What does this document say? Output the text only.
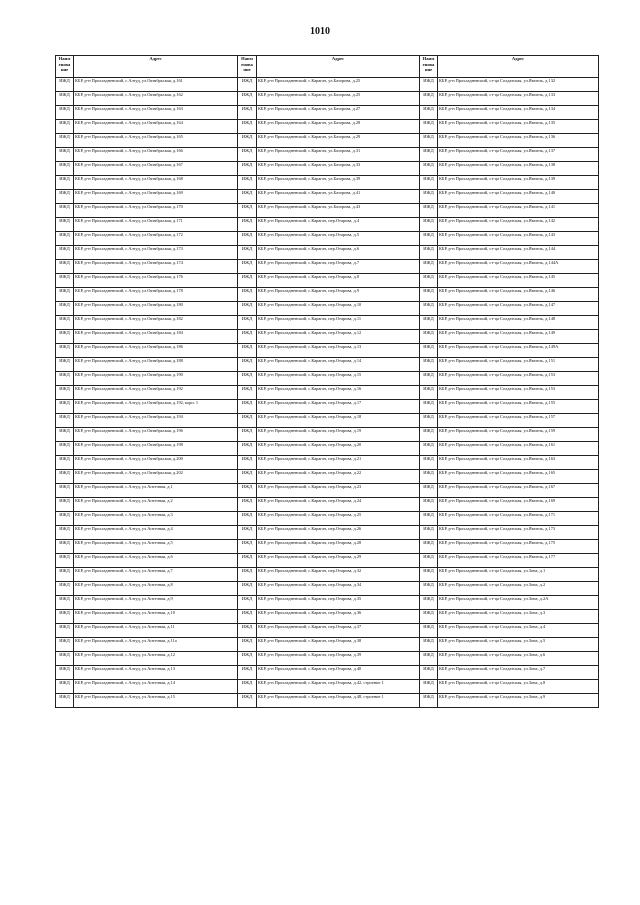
1010
Наим енова ние	Адрес	Наим енова ние	Адрес	Наим енова ние	Адрес
ИЖД	КБР, р-н Прохладненский, с.Алтуд, ул.Октябрьская, д.161	ИЖД	КБР, р-н Прохладненский, с.Карагач, ул.Базорова, д.25	ИЖД	КБР, р-н Прохладненский, ст-ца Солдатская, ул.Ямпель, д.132
ИЖД	КБР, р-н Прохладненский, с.Алтуд, ул.Октябрьская, д.162	ИЖД	КБР, р-н Прохладненский, с.Карагач, ул.Базорова, д.25	ИЖД	КБР, р-н Прохладненский, ст-ца Солдатская, ул.Ямпель, д.133
ИЖД	КБР, р-н Прохладненский, с.Алтуд, ул.Октябрьская, д.163	ИЖД	КБР, р-н Прохладненский, с.Карагач, ул.Базорова, д.27	ИЖД	КБР, р-н Прохладненский, ст-ца Солдатская, ул.Ямпель, д.134
ИЖД	КБР, р-н Прохладненский, с.Алтуд, ул.Октябрьская, д.164	ИЖД	КБР, р-н Прохладненский, с.Карагач, ул.Базорова, д.28	ИЖД	КБР, р-н Прохладненский, ст-ца Солдатская, ул.Ямпель, д.135
ИЖД	КБР, р-н Прохладненский, с.Алтуд, ул.Октябрьская, д.165	ИЖД	КБР, р-н Прохладненский, с.Карагач, ул.Базорова, д.29	ИЖД	КБР, р-н Прохладненский, ст-ца Солдатская, ул.Ямпель, д.136
ИЖД	КБР, р-н Прохладненский, с.Алтуд, ул.Октябрьская, д.166	ИЖД	КБР, р-н Прохладненский, с.Карагач, ул.Базорова, д.31	ИЖД	КБР, р-н Прохладненский, ст-ца Солдатская, ул.Ямпель, д.137
ИЖД	КБР, р-н Прохладненский, с.Алтуд, ул.Октябрьская, д.167	ИЖД	КБР, р-н Прохладненский, с.Карагач, ул.Базорова, д.33	ИЖД	КБР, р-н Прохладненский, ст-ца Солдатская, ул.Ямпель, д.138
ИЖД	КБР, р-н Прохладненский, с.Алтуд, ул.Октябрьская, д.168	ИЖД	КБР, р-н Прохладненский, с.Карагач, ул.Базорова, д.39	ИЖД	КБР, р-н Прохладненский, ст-ца Солдатская, ул.Ямпель, д.139
ИЖД	КБР, р-н Прохладненский, с.Алтуд, ул.Октябрьская, д.169	ИЖД	КБР, р-н Прохладненский, с.Карагач, ул.Базорова, д.41	ИЖД	КБР, р-н Прохладненский, ст-ца Солдатская, ул.Ямпель, д.140
ИЖД	КБР, р-н Прохладненский, с.Алтуд, ул.Октябрьская, д.170	ИЖД	КБР, р-н Прохладненский, с.Карагач, ул.Базорова, д.43	ИЖД	КБР, р-н Прохладненский, ст-ца Солдатская, ул.Ямпель, д.141
ИЖД	КБР, р-н Прохладненский, с.Алтуд, ул.Октябрьская, д.171	ИЖД	КБР, р-н Прохладненский, с.Карагач, пер.Отарова, д.4	ИЖД	КБР, р-н Прохладненский, ст-ца Солдатская, ул.Ямпель, д.142
ИЖД	КБР, р-н Прохладненский, с.Алтуд, ул.Октябрьская, д.172	ИЖД	КБР, р-н Прохладненский, с.Карагач, пер.Отарова, д.5	ИЖД	КБР, р-н Прохладненский, ст-ца Солдатская, ул.Ямпель, д.143
ИЖД	КБР, р-н Прохладненский, с.Алтуд, ул.Октябрьская, д.173	ИЖД	КБР, р-н Прохладненский, с.Карагач, пер.Отарова, д.6	ИЖД	КБР, р-н Прохладненский, ст-ца Солдатская, ул.Ямпель, д.144
ИЖД	КБР, р-н Прохладненский, с.Алтуд, ул.Октябрьская, д.174	ИЖД	КБР, р-н Прохладненский, с.Карагач, пер.Отарова, д.7	ИЖД	КБР, р-н Прохладненский, ст-ца Солдатская, ул.Ямпель, д.144А
ИЖД	КБР, р-н Прохладненский, с.Алтуд, ул.Октябрьская, д.176	ИЖД	КБР, р-н Прохладненский, с.Карагач, пер.Отарова, д.8	ИЖД	КБР, р-н Прохладненский, ст-ца Солдатская, ул.Ямпель, д.145
ИЖД	КБР, р-н Прохладненский, с.Алтуд, ул.Октябрьская, д.178	ИЖД	КБР, р-н Прохладненский, с.Карагач, пер.Отарова, д.9	ИЖД	КБР, р-н Прохладненский, ст-ца Солдатская, ул.Ямпель, д.146
ИЖД	КБР, р-н Прохладненский, с.Алтуд, ул.Октябрьская, д.180	ИЖД	КБР, р-н Прохладненский, с.Карагач, пер.Отарова, д.10	ИЖД	КБР, р-н Прохладненский, ст-ца Солдатская, ул.Ямпель, д.147
ИЖД	КБР, р-н Прохладненский, с.Алтуд, ул.Октябрьская, д.182	ИЖД	КБР, р-н Прохладненский, с.Карагач, пер.Отарова, д.11	ИЖД	КБР, р-н Прохладненский, ст-ца Солдатская, ул.Ямпель, д.148
ИЖД	КБР, р-н Прохладненский, с.Алтуд, ул.Октябрьская, д.184	ИЖД	КБР, р-н Прохладненский, с.Карагач, пер.Отарова, д.12	ИЖД	КБР, р-н Прохладненский, ст-ца Солдатская, ул.Ямпель, д.149
ИЖД	КБР, р-н Прохладненский, с.Алтуд, ул.Октябрьская, д.186	ИЖД	КБР, р-н Прохладненский, с.Карагач, пер.Отарова, д.13	ИЖД	КБР, р-н Прохладненский, ст-ца Солдатская, ул.Ямпель, д.149А
ИЖД	КБР, р-н Прохладненский, с.Алтуд, ул.Октябрьская, д.188	ИЖД	КБР, р-н Прохладненский, с.Карагач, пер.Отарова, д.14	ИЖД	КБР, р-н Прохладненский, ст-ца Солдатская, ул.Ямпель, д.151
ИЖД	КБР, р-н Прохладненский, с.Алтуд, ул.Октябрьская, д.190	ИЖД	КБР, р-н Прохладненский, с.Карагач, пер.Отарова, д.15	ИЖД	КБР, р-н Прохладненский, ст-ца Солдатская, ул.Ямпель, д.153
ИЖД	КБР, р-н Прохладненский, с.Алтуд, ул.Октябрьская, д.192	ИЖД	КБР, р-н Прохладненский, с.Карагач, пер.Отарова, д.16	ИЖД	КБР, р-н Прохладненский, ст-ца Солдатская, ул.Ямпель, д.153
ИЖД	КБР, р-н Прохладненский, с.Алтуд, ул.Октябрьская, д.192, корп. 1	ИЖД	КБР, р-н Прохладненский, с.Карагач, пер.Отарова, д.17	ИЖД	КБР, р-н Прохладненский, ст-ца Солдатская, ул.Ямпель, д.155
ИЖД	КБР, р-н Прохладненский, с.Алтуд, ул.Октябрьская, д.194	ИЖД	КБР, р-н Прохладненский, с.Карагач, пер.Отарова, д.18	ИЖД	КБР, р-н Прохладненский, ст-ца Солдатская, ул.Ямпель, д.157
ИЖД	КБР, р-н Прохладненский, с.Алтуд, ул.Октябрьская, д.196	ИЖД	КБР, р-н Прохладненский, с.Карагач, пер.Отарова, д.19	ИЖД	КБР, р-н Прохладненский, ст-ца Солдатская, ул.Ямпель, д.159
ИЖД	КБР, р-н Прохладненский, с.Алтуд, ул.Октябрьская, д.198	ИЖД	КБР, р-н Прохладненский, с.Карагач, пер.Отарова, д.20	ИЖД	КБР, р-н Прохладненский, ст-ца Солдатская, ул.Ямпель, д.161
ИЖД	КБР, р-н Прохладненский, с.Алтуд, ул.Октябрьская, д.200	ИЖД	КБР, р-н Прохладненский, с.Карагач, пер.Отарова, д.21	ИЖД	КБР, р-н Прохладненский, ст-ца Солдатская, ул.Ямпель, д.163
ИЖД	КБР, р-н Прохладненский, с.Алтуд, ул.Октябрьская, д.202	ИЖД	КБР, р-н Прохладненский, с.Карагач, пер.Отарова, д.22	ИЖД	КБР, р-н Прохладненский, ст-ца Солдатская, ул.Ямпель, д.165
ИЖД	КБР, р-н Прохладненский, с.Алтуд, ул.Аптечная, д.1	ИЖД	КБР, р-н Прохладненский, с.Карагач, пер.Отарова, д.23	ИЖД	КБР, р-н Прохладненский, ст-ца Солдатская, ул.Ямпель, д.167
ИЖД	КБР, р-н Прохладненский, с.Алтуд, ул.Аптечная, д.2	ИЖД	КБР, р-н Прохладненский, с.Карагач, пер.Отарова, д.24	ИЖД	КБР, р-н Прохладненский, ст-ца Солдатская, ул.Ямпель, д.169
ИЖД	КБР, р-н Прохладненский, с.Алтуд, ул.Аптечная, д.3	ИЖД	КБР, р-н Прохладненский, с.Карагач, пер.Отарова, д.25	ИЖД	КБР, р-н Прохладненский, ст-ца Солдатская, ул.Ямпель, д.171
ИЖД	КБР, р-н Прохладненский, с.Алтуд, ул.Аптечная, д.4	ИЖД	КБР, р-н Прохладненский, с.Карагач, пер.Отарова, д.26	ИЖД	КБР, р-н Прохладненский, ст-ца Солдатская, ул.Ямпель, д.173
ИЖД	КБР, р-н Прохладненский, с.Алтуд, ул.Аптечная, д.5	ИЖД	КБР, р-н Прохладненский, с.Карагач, пер.Отарова, д.28	ИЖД	КБР, р-н Прохладненский, ст-ца Солдатская, ул.Ямпель, д.175
ИЖД	КБР, р-н Прохладненский, с.Алтуд, ул.Аптечная, д.6	ИЖД	КБР, р-н Прохладненский, с.Карагач, пер.Отарова, д.29	ИЖД	КБР, р-н Прохладненский, ст-ца Солдатская, ул.Ямпель, д.177
ИЖД	КБР, р-н Прохладненский, с.Алтуд, ул.Аптечная, д.7	ИЖД	КБР, р-н Прохладненский, с.Карагач, пер.Отарова, д.32	ИЖД	КБР, р-н Прохладненский, ст-ца Солдатская, ул.Зона, д.1
ИЖД	КБР, р-н Прохладненский, с.Алтуд, ул.Аптечная, д.8	ИЖД	КБР, р-н Прохладненский, с.Карагач, пер.Отарова, д.34	ИЖД	КБР, р-н Прохладненский, ст-ца Солдатская, ул.Зона, д.2
ИЖД	КБР, р-н Прохладненский, с.Алтуд, ул.Аптечная, д.9	ИЖД	КБР, р-н Прохладненский, с.Карагач, пер.Отарова, д.35	ИЖД	КБР, р-н Прохладненский, ст-ца Солдатская, ул.Зона, д.2А
ИЖД	КБР, р-н Прохладненский, с.Алтуд, ул.Аптечная, д.10	ИЖД	КБР, р-н Прохладненский, с.Карагач, пер.Отарова, д.36	ИЖД	КБР, р-н Прохладненский, ст-ца Солдатская, ул.Зона, д.3
ИЖД	КБР, р-н Прохладненский, с.Алтуд, ул.Аптечная, д.11	ИЖД	КБР, р-н Прохладненский, с.Карагач, пер.Отарова, д.37	ИЖД	КБР, р-н Прохладненский, ст-ца Солдатская, ул.Зона, д.4
ИЖД	КБР, р-н Прохладненский, с.Алтуд, ул.Аптечная, д.11а	ИЖД	КБР, р-н Прохладненский, с.Карагач, пер.Отарова, д.38	ИЖД	КБР, р-н Прохладненский, ст-ца Солдатская, ул.Зона, д.5
ИЖД	КБР, р-н Прохладненский, с.Алтуд, ул.Аптечная, д.12	ИЖД	КБР, р-н Прохладненский, с.Карагач, пер.Отарова, д.39	ИЖД	КБР, р-н Прохладненский, ст-ца Солдатская, ул.Зона, д.6
ИЖД	КБР, р-н Прохладненский, с.Алтуд, ул.Аптечная, д.13	ИЖД	КБР, р-н Прохладненский, с.Карагач, пер.Отарова, д.40	ИЖД	КБР, р-н Прохладненский, ст-ца Солдатская, ул.Зона, д.7
ИЖД	КБР, р-н Прохладненский, с.Алтуд, ул.Аптечная, д.14	ИЖД	КБР, р-н Прохладненский, с.Карагач, пер.Отарова, д.42, строение 1	ИЖД	КБР, р-н Прохладненский, ст-ца Солдатская, ул.Зона, д.8
ИЖД	КБР, р-н Прохладненский, с.Алтуд, ул.Аптечная, д.15	ИЖД	КБР, р-н Прохладненский, с.Карагач, пер.Отарова, д.48, строение 1	ИЖД	КБР, р-н Прохладненский, ст-ца Солдатская, ул.Зона, д.9
